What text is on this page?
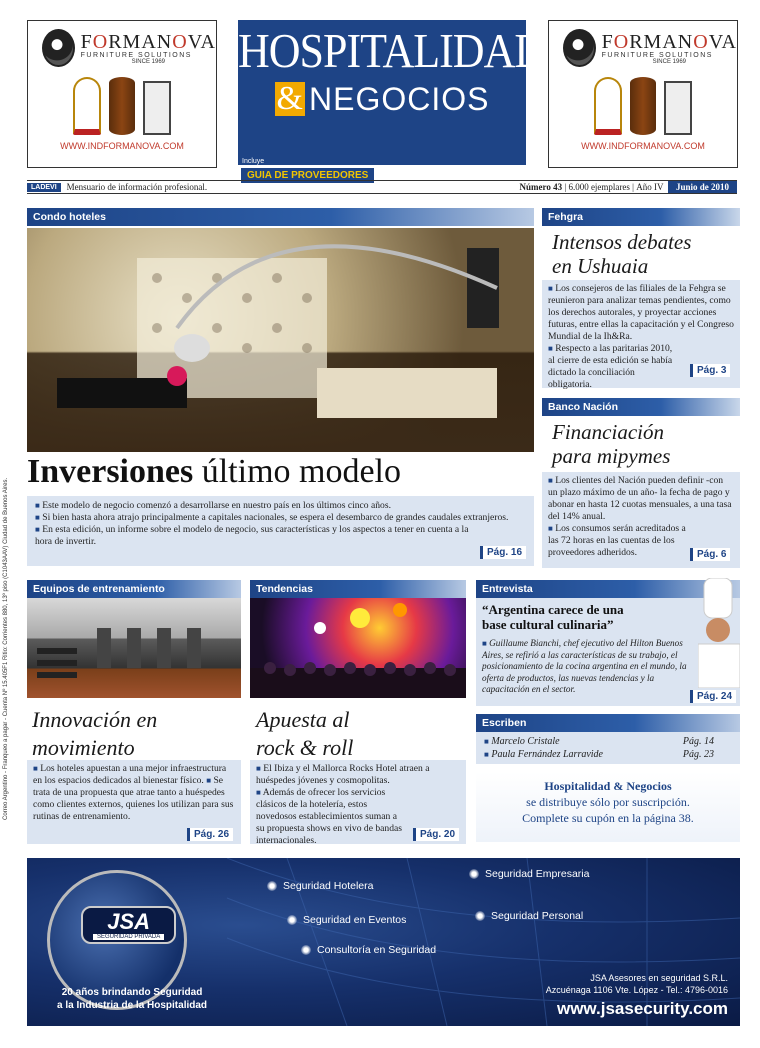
FORMANOVA
FURNITURE SOLUTIONS
SINCE 1969
WWW.INDFORMANOVA.COM
FORMANOVA
FURNITURE SOLUTIONS
SINCE 1969
WWW.INDFORMANOVA.COM
HOSPITALIDAD
& NEGOCIOS
Incluye
GUIA DE PROVEEDORES
LADEVI	Mensuario de información profesional.	Número 43 | 6.000 ejemplares | Año IV
	Junio de 2010
Correo Argentino - Franqueo a pagar - Cuenta Nº 15.405F1 Ritio: Corrientes 880, 13º piso (C1043AAV) Ciudad de Buenos Aires.
Condo hoteles
Inversiones último modelo
■ Este modelo de negocio comenzó a desarrollarse en nuestro país en los últimos cinco años.
■ Si bien hasta ahora atrajo principalmente a capitales nacionales, se espera el desembarco de grandes caudales extranjeros.
■ En esta edición, un informe sobre el modelo de negocio, sus características y los aspectos a tener en cuenta a la hora de invertir.
Pág. 16
Fehgra
Intensos debates
en Ushuaia
■ Los consejeros de las filiales de la Fehgra se reunieron para analizar temas pendientes, como los derechos autorales, y proyectar acciones futuras, entre ellas la capacitación y el Congreso Mundial de la Ih&Ra.
■ Respecto a las paritarias 2010, al cierre de esta edición se había dictado la conciliación obligatoria.
Pág. 3
Banco Nación
Financiación
para mipymes
■ Los clientes del Nación pueden definir -con un plazo máximo de un año- la fecha de pago y abonar en hasta 12 cuotas mensuales, a una tasa del 14% anual.
■ Los consumos serán acreditados a las 72 horas en las cuentas de los proveedores adheridos.	Pág. 6
Equipos de entrenamiento
Innovación en
movimiento
■ Los hoteles apuestan a una mejor infraestructura en los espacios dedicados al bienestar físico. ■ Se trata de una propuesta que atrae tanto a huéspedes como clientes externos, quienes los utilizan para sus rutinas de entrenamiento.
Pág. 26
Tendencias
Apuesta al
rock & roll
■ El Ibiza y el Mallorca Rocks Hotel atraen a huéspedes jóvenes y cosmopolitas.
■ Además de ofrecer los servicios clásicos de la hotelería, estos novedosos establecimientos suman a su propuesta shows en vivo de bandas internacionales.
Pág. 20
Entrevista
“Argentina carece de una
base cultural culinaria”
■ Guillaume Bianchi, chef ejecutivo del Hilton Buenos Aires, se refirió a las características de su trabajo, el posicionamiento de la cocina argentina en el mundo, la oferta de productos, las nuevas tendencias y la capacitación en el sector.
Pág. 24
Escriben
■ Marcelo Cristale	Pág. 14
■ Paula Fernández Larravide	Pág. 23
Hospitalidad & Negocios
se distribuye sólo por suscripción.
Complete su cupón en la página 38.
JSA
SEGURIDAD PRIVADA
Seguridad Hotelera
Seguridad Empresaria
Seguridad en Eventos	Seguridad Personal
Consultoría en Seguridad
20 años brindando Seguridad
a la Industria de la Hospitalidad
JSA Asesores en seguridad S.R.L.
Azcuénaga 1106 Vte. López - Tel.: 4796-0016
www.jsasecurity.com
